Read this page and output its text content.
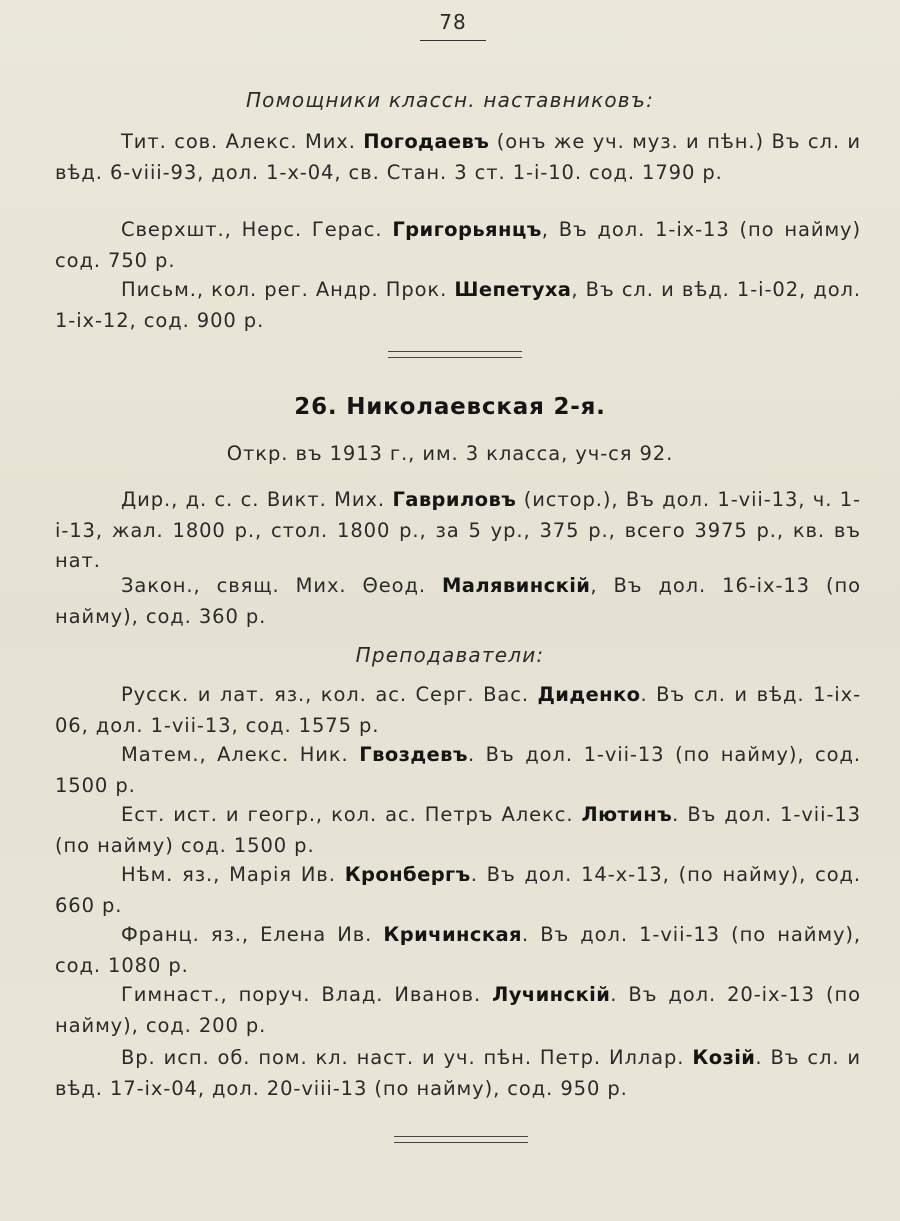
78
Помощники классн. наставниковъ:
Тит. сов. Алекс. Мих. Погодаевъ (онъ же уч. муз. и пѣн.) Въ сл. и вѣд. 6-viii-93, дол. 1-x-04, св. Стан. 3 ст. 1-i-10. сод. 1790 р.
Сверхшт., Нерс. Герас. Григорьянцъ, Въ дол. 1-ix-13 (по найму) сод. 750 р.
Письм., кол. рег. Андр. Прок. Шепетуха, Въ сл. и вѣд. 1-i-02, дол. 1-ix-12, сод. 900 р.
26. Николаевская 2-я.
Откр. въ 1913 г., им. 3 класса, уч-ся 92.
Дир., д. с. с. Викт. Мих. Гавриловъ (истор.), Въ дол. 1-vii-13, ч. 1-i-13, жал. 1800 р., стол. 1800 р., за 5 ур., 375 р., всего 3975 р., кв. въ нат.
Закон., свящ. Мих. Θеод. Малявинскій, Въ дол. 16-ix-13 (по найму), сод. 360 р.
Преподаватели:
Русск. и лат. яз., кол. ас. Серг. Вас. Диденко. Въ сл. и вѣд. 1-ix-06, дол. 1-vii-13, сод. 1575 р.
Матем., Алекс. Ник. Гвоздевъ. Въ дол. 1-vii-13 (по найму), сод. 1500 р.
Ест. ист. и геогр., кол. ас. Петръ Алекс. Лютинъ. Въ дол. 1-vii-13 (по найму) сод. 1500 р.
Нѣм. яз., Марія Ив. Кронбергъ. Въ дол. 14-x-13, (по найму), сод. 660 р.
Франц. яз., Елена Ив. Кричинская. Въ дол. 1-vii-13 (по найму), сод. 1080 р.
Гимнаст., поруч. Влад. Иванов. Лучинскій. Въ дол. 20-ix-13 (по найму), сод. 200 р.
Вр. исп. об. пом. кл. наст. и уч. пѣн. Петр. Иллар. Козій. Въ сл. и вѣд. 17-ix-04, дол. 20-viii-13 (по найму), сод. 950 р.
